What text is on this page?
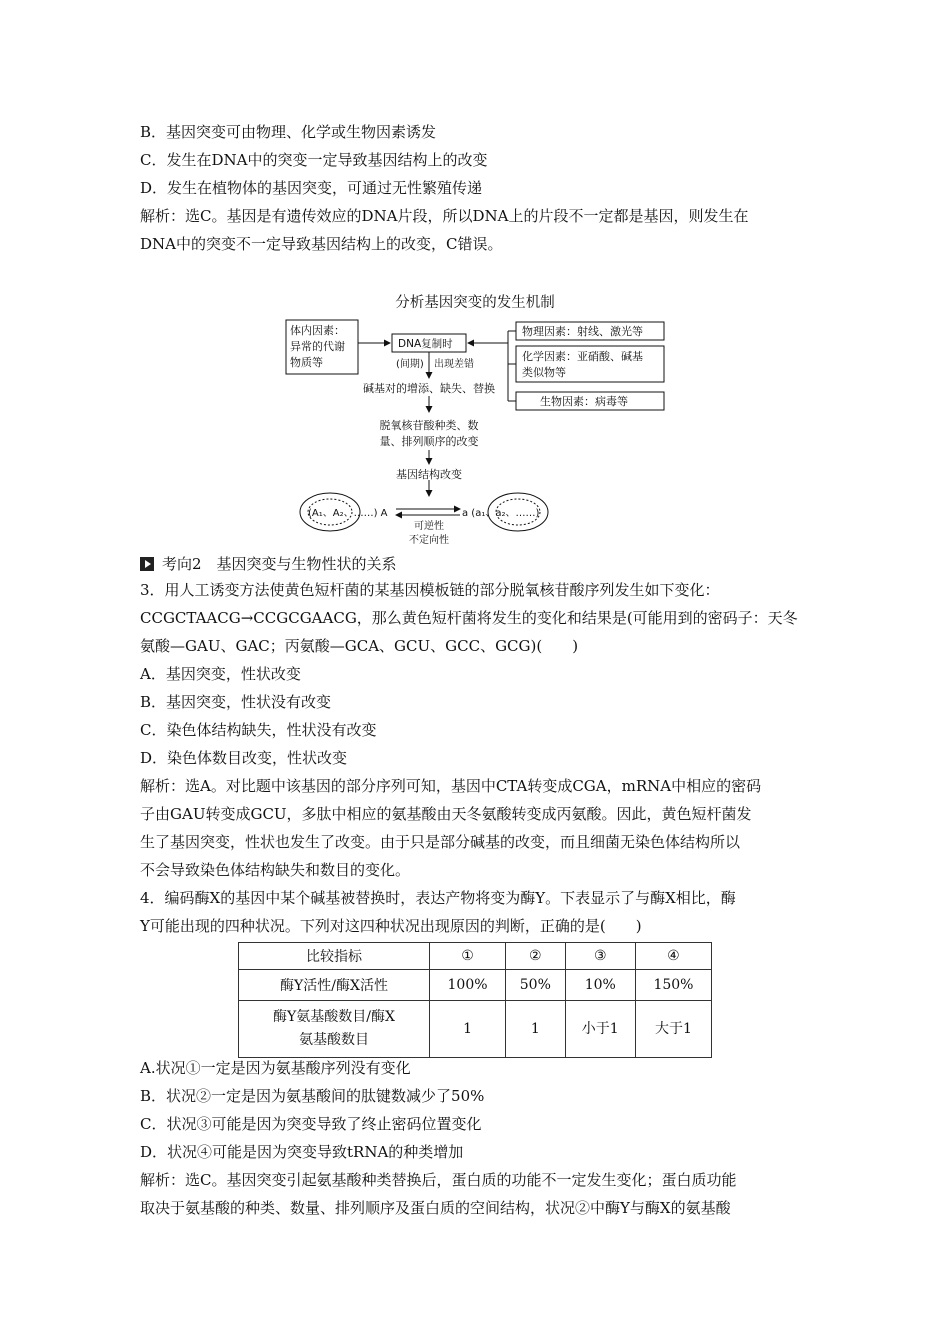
B．基因突变可由物理、化学或生物因素诱发
C．发生在DNA中的突变一定导致基因结构上的改变
D．发生在植物体的基因突变，可通过无性繁殖传递
解析：选C。基因是有遗传效应的DNA片段，所以DNA上的片段不一定都是基因，则发生在
DNA中的突变不一定导致基因结构上的改变，C错误。
分析基因突变的发生机制
体内因素：
异常的代谢
物质等
DNA复制时
(间期) 出现差错
物理因素：射线、激光等
化学因素：亚硝酸、碱基
类似物等
生物因素：病毒等
碱基对的增添、缺失、替换
脱氧核苷酸种类、数
量、排列顺序的改变
基因结构改变
(A₁、A₂、……) A	a (a₁、a₂、……)
可逆性
不定向性
考向2　基因突变与生物性状的关系
3．用人工诱变方法使黄色短杆菌的某基因模板链的部分脱氧核苷酸序列发生如下变化：
CCGCTAACG→CCGCGAACG，那么黄色短杆菌将发生的变化和结果是(可能用到的密码子：天冬
氨酸—GAU、GAC；丙氨酸—GCA、GCU、GCC、GCG)(　　)
A．基因突变，性状改变
B．基因突变，性状没有改变
C．染色体结构缺失，性状没有改变
D．染色体数目改变，性状改变
解析：选A。对比题中该基因的部分序列可知，基因中CTA转变成CGA，mRNA中相应的密码
子由GAU转变成GCU，多肽中相应的氨基酸由天冬氨酸转变成丙氨酸。因此，黄色短杆菌发
生了基因突变，性状也发生了改变。由于只是部分碱基的改变，而且细菌无染色体结构所以
不会导致染色体结构缺失和数目的变化。
4．编码酶X的基因中某个碱基被替换时，表达产物将变为酶Y。下表显示了与酶X相比，酶
Y可能出现的四种状况。下列对这四种状况出现原因的判断，正确的是(　　)
比较指标	①	②	③	④
酶Y活性/酶X活性	100%	50%	10%	150%

酶Y氨基酸数目/酶X
氨基酸数目	1	1	小于1	大于1
A.状况①一定是因为氨基酸序列没有变化
B．状况②一定是因为氨基酸间的肽键数减少了50%
C．状况③可能是因为突变导致了终止密码位置变化
D．状况④可能是因为突变导致tRNA的种类增加
解析：选C。基因突变引起氨基酸种类替换后，蛋白质的功能不一定发生变化；蛋白质功能
取决于氨基酸的种类、数量、排列顺序及蛋白质的空间结构，状况②中酶Y与酶X的氨基酸
